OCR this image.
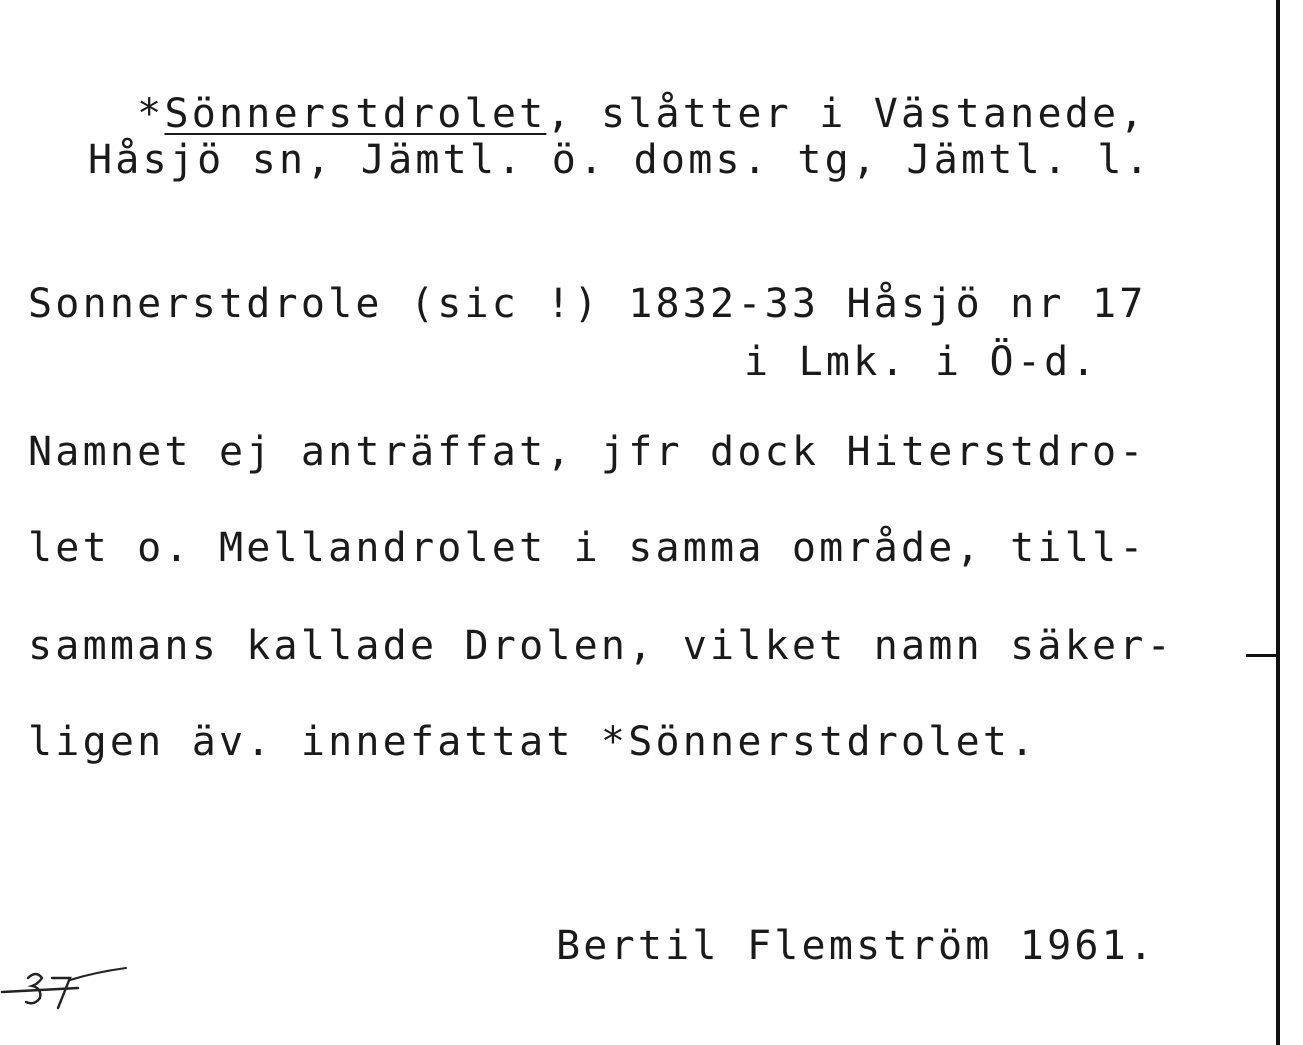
*Sönnerstdrolet, slåtter i Västanede,

Håsjö sn, Jämtl. ö. doms. tg, Jämtl. l.
Sonnerstdrole (sic !) 1832-33 Håsjö nr 17
i Lmk. i Ö-d.
Namnet ej anträffat, jfr dock Hiterstdro-
let o. Mellandrolet i samma område, till-
sammans kallade Drolen, vilket namn säker-
ligen äv. innefattat *Sönnerstdrolet.
Bertil Flemström 1961.
